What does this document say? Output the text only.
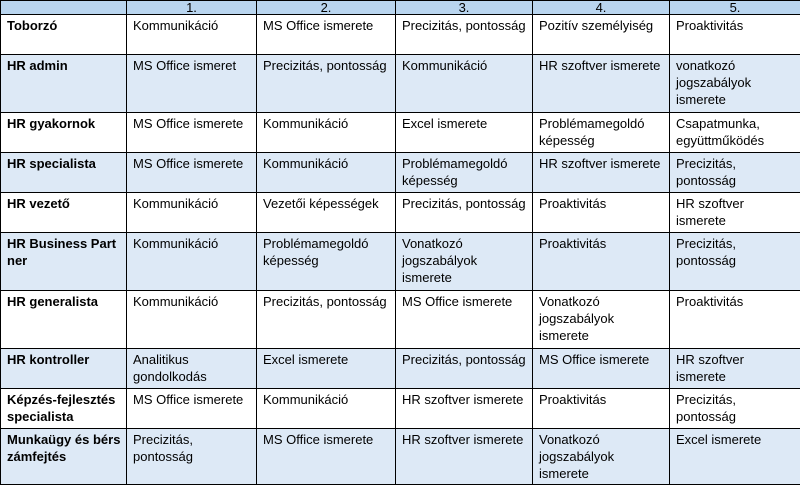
	1.	2.	3.	4.	5.
Toborzó	Kommunikáció	MS Office ismerete	Precizitás, pontosság	Pozitív személyiség	Proaktivitás
HR admin	MS Office ismeret	Precizitás, pontosság	Kommunikáció	HR szoftver ismerete	vonatkozó jogszabályok ismerete
HR gyakornok	MS Office ismerete	Kommunikáció	Excel ismerete	Problémamegoldó képesség	Csapatmunka, együttműködés
HR specialista	MS Office ismerete	Kommunikáció	Problémamegoldó képesség	HR szoftver ismerete	Precizitás, pontosság
HR vezető	Kommunikáció	Vezetői képességek	Precizitás, pontosság	Proaktivitás	HR szoftver ismerete
HR Business Partner	Kommunikáció	Problémamegoldó képesség	Vonatkozó jogszabályok ismerete	Proaktivitás	Precizitás, pontosság
HR generalista	Kommunikáció	Precizitás, pontosság	MS Office ismerete	Vonatkozó jogszabályok ismerete	Proaktivitás
HR kontroller	Analitikus gondolkodás	Excel ismerete	Precizitás, pontosság	MS Office ismerete	HR szoftver ismerete
Képzés-fejlesztés specialista	MS Office ismerete	Kommunikáció	HR szoftver ismerete	Proaktivitás	Precizitás, pontosság
Munkaügy és bérszámfejtés	Precizitás, pontosság	MS Office ismerete	HR szoftver ismerete	Vonatkozó jogszabályok ismerete	Excel ismerete
